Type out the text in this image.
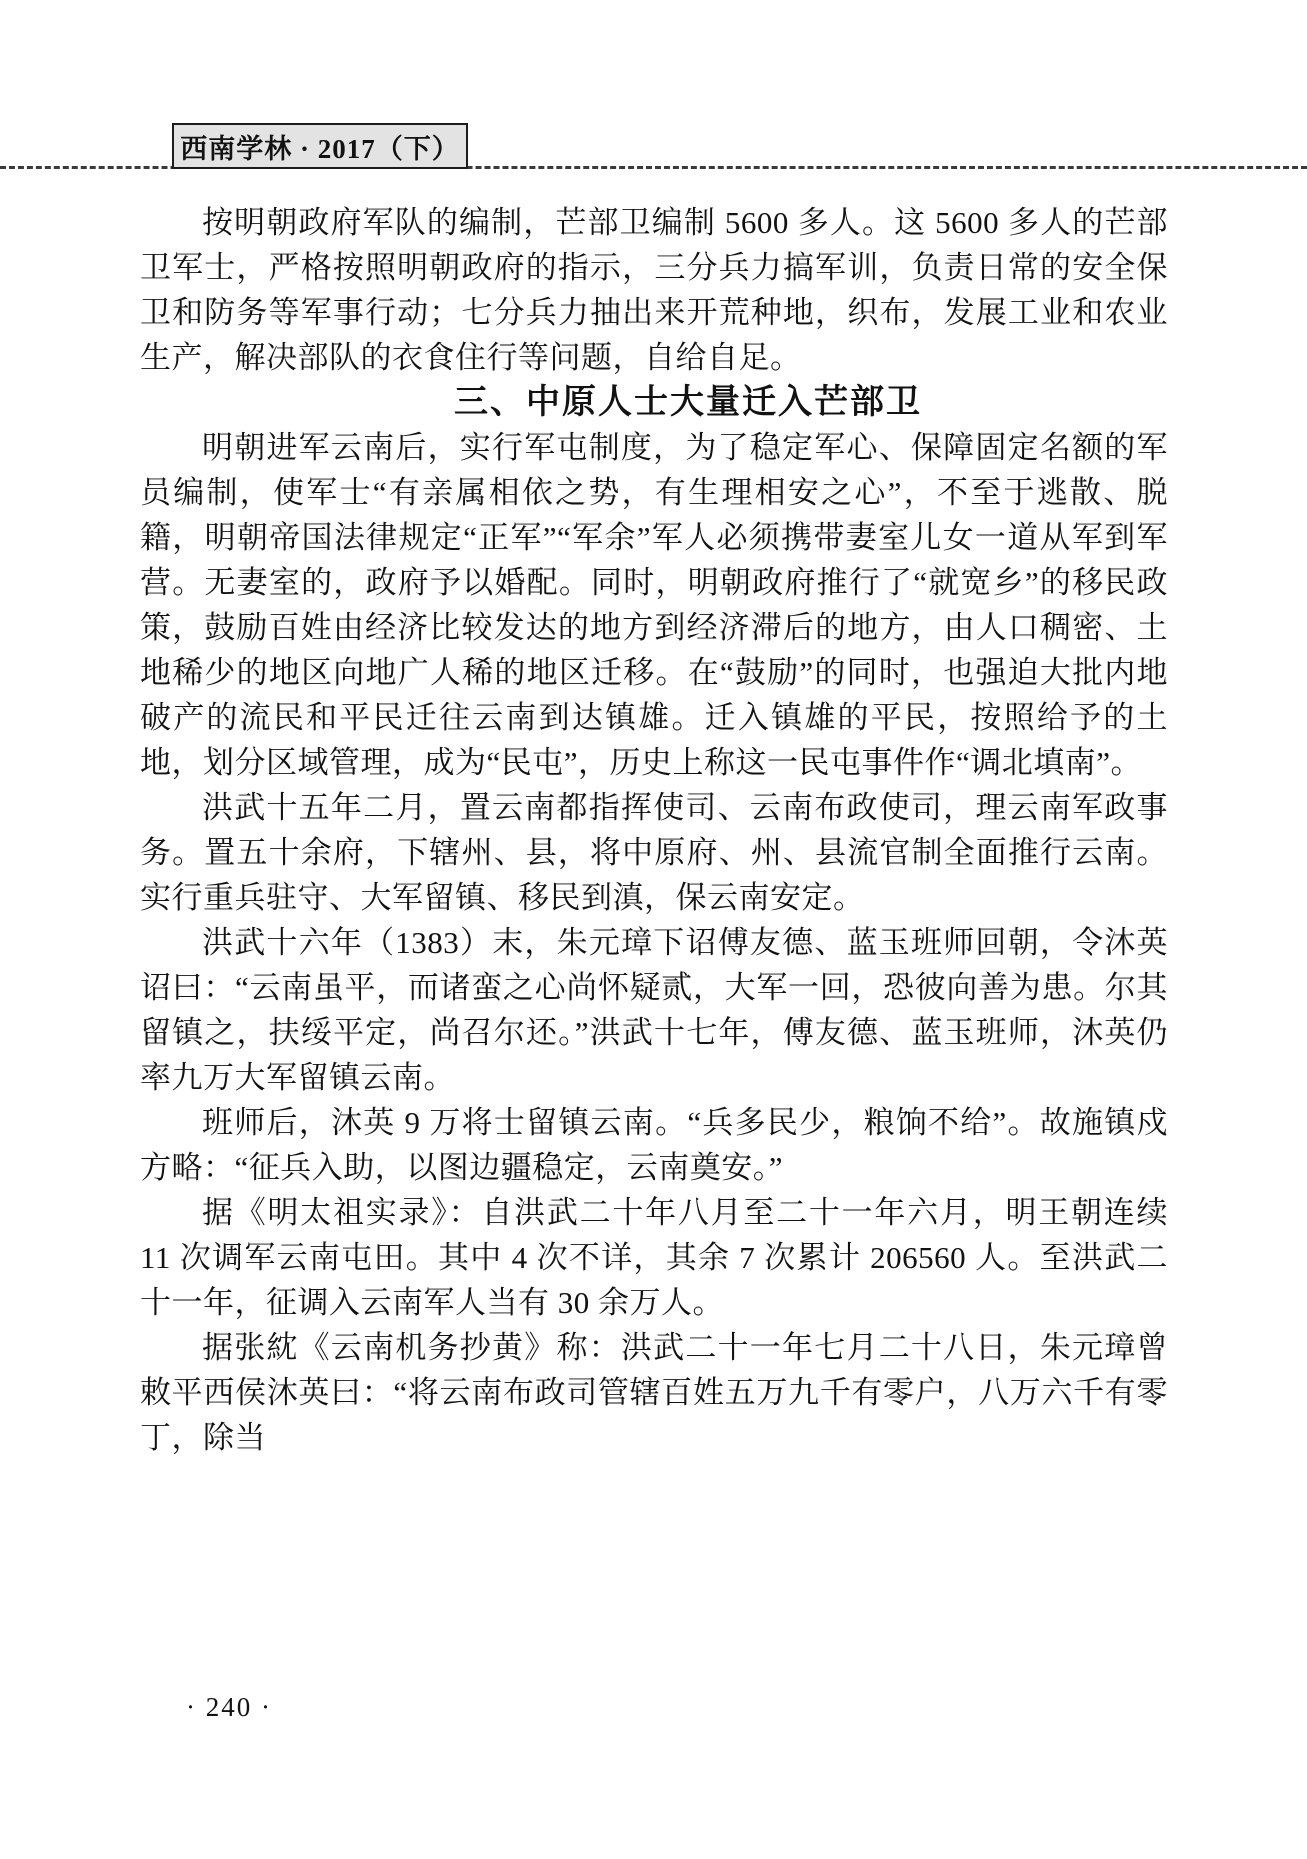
西南学林 · 2017（下）

按明朝政府军队的编制，芒部卫编制 5600 多人。这 5600 多人的芒部卫军士，严格按照明朝政府的指示，三分兵力搞军训，负责日常的安全保卫和防务等军事行动；七分兵力抽出来开荒种地，织布，发展工业和农业生产，解决部队的衣食住行等问题，自给自足。

三、中原人士大量迁入芒部卫

明朝进军云南后，实行军屯制度，为了稳定军心、保障固定名额的军员编制，使军士“有亲属相依之势，有生理相安之心”，不至于逃散、脱籍，明朝帝国法律规定“正军”“军余”军人必须携带妻室儿女一道从军到军营。无妻室的，政府予以婚配。同时，明朝政府推行了“就宽乡”的移民政策，鼓励百姓由经济比较发达的地方到经济滞后的地方，由人口稠密、土地稀少的地区向地广人稀的地区迁移。在“鼓励”的同时，也强迫大批内地破产的流民和平民迁往云南到达镇雄。迁入镇雄的平民，按照给予的土地，划分区域管理，成为“民屯”，历史上称这一民屯事件作“调北填南”。

洪武十五年二月，置云南都指挥使司、云南布政使司，理云南军政事务。置五十余府，下辖州、县，将中原府、州、县流官制全面推行云南。实行重兵驻守、大军留镇、移民到滇，保云南安定。

洪武十六年（1383）末，朱元璋下诏傅友德、蓝玉班师回朝，令沐英诏曰：“云南虽平，而诸蛮之心尚怀疑贰，大军一回，恐彼向善为患。尔其留镇之，扶绥平定，尚召尔还。”洪武十七年，傅友德、蓝玉班师，沐英仍率九万大军留镇云南。

班师后，沐英 9 万将士留镇云南。“兵多民少，粮饷不给”。故施镇戍方略：“征兵入助，以图边疆稳定，云南奠安。”

据《明太祖实录》：自洪武二十年八月至二十一年六月，明王朝连续 11 次调军云南屯田。其中 4 次不详，其余 7 次累计 206560 人。至洪武二十一年，征调入云南军人当有 30 余万人。

据张紞《云南机务抄黄》称：洪武二十一年七月二十八日，朱元璋曾敕平西侯沐英曰：“将云南布政司管辖百姓五万九千有零户，八万六千有零丁，除当

· 240 ·
